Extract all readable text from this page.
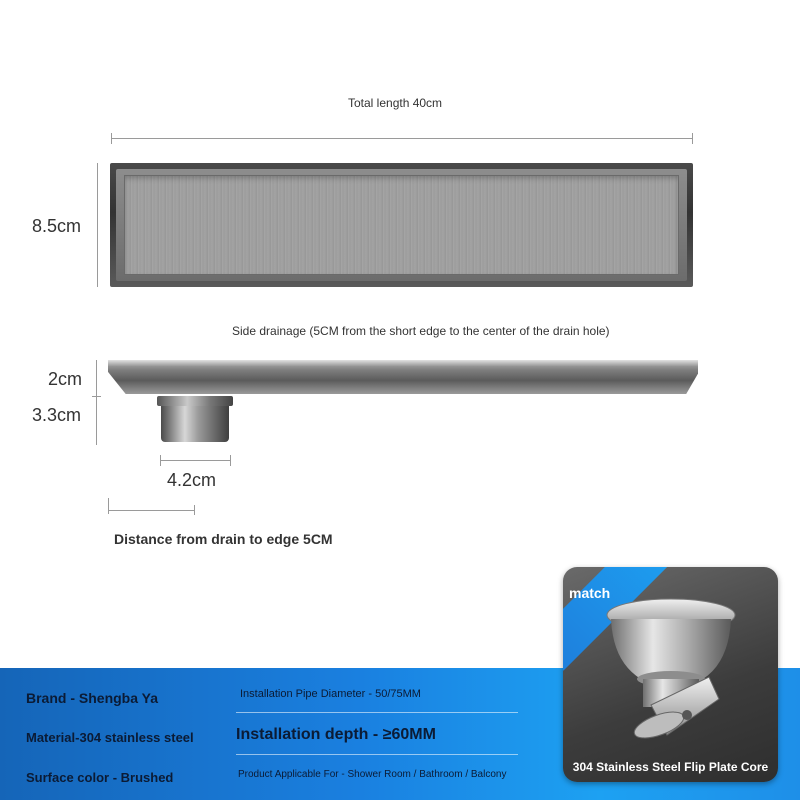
Total length 40cm
8.5cm
Side drainage (5CM from the short edge to the center of the drain hole)
2cm
3.3cm
4.2cm
Distance from drain to edge 5CM
Brand - Shengba Ya
Material-304 stainless steel
Surface color - Brushed
Installation Pipe Diameter - 50/75MM
Installation depth - ≥60MM
Product Applicable For - Shower Room / Bathroom / Balcony
match
304 Stainless Steel Flip Plate Core
